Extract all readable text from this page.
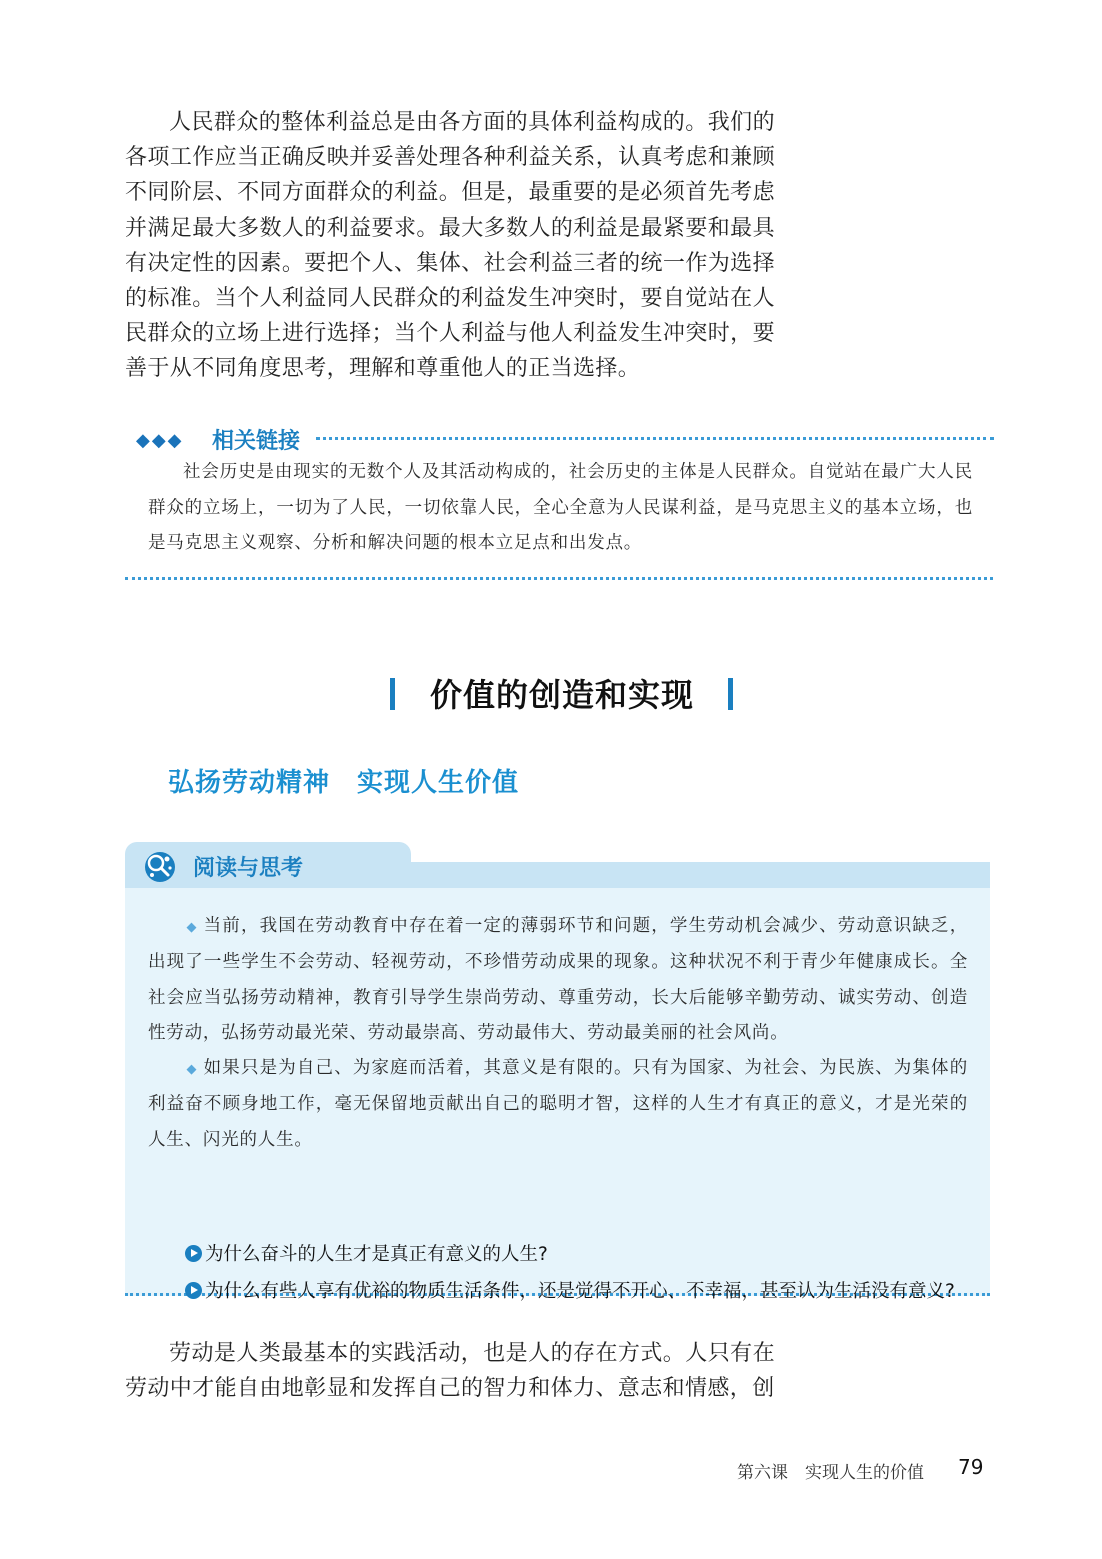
人民群众的整体利益总是由各方面的具体利益构成的。我们的各项工作应当正确反映并妥善处理各种利益关系，认真考虑和兼顾不同阶层、不同方面群众的利益。但是，最重要的是必须首先考虑并满足最大多数人的利益要求。最大多数人的利益是最紧要和最具有决定性的因素。要把个人、集体、社会利益三者的统一作为选择的标准。当个人利益同人民群众的利益发生冲突时，要自觉站在人民群众的立场上进行选择；当个人利益与他人利益发生冲突时，要善于从不同角度思考，理解和尊重他人的正当选择。

◆◆◆ 相关链接

社会历史是由现实的无数个人及其活动构成的，社会历史的主体是人民群众。自觉站在最广大人民群众的立场上，一切为了人民，一切依靠人民，全心全意为人民谋利益，是马克思主义的基本立场，也是马克思主义观察、分析和解决问题的根本立足点和出发点。

价值的创造和实现
弘扬劳动精神　实现人生价值
阅读与思考

◆ 当前，我国在劳动教育中存在着一定的薄弱环节和问题，学生劳动机会减少、劳动意识缺乏，出现了一些学生不会劳动、轻视劳动，不珍惜劳动成果的现象。这种状况不利于青少年健康成长。全社会应当弘扬劳动精神，教育引导学生崇尚劳动、尊重劳动，长大后能够辛勤劳动、诚实劳动、创造性劳动，弘扬劳动最光荣、劳动最崇高、劳动最伟大、劳动最美丽的社会风尚。

◆ 如果只是为自己、为家庭而活着，其意义是有限的。只有为国家、为社会、为民族、为集体的利益奋不顾身地工作，毫无保留地贡献出自己的聪明才智，这样的人生才有真正的意义，才是光荣的人生、闪光的人生。

为什么奋斗的人生才是真正有意义的人生?
为什么有些人享有优裕的物质生活条件，还是觉得不开心、不幸福，甚至认为生活没有意义?

劳动是人类最基本的实践活动，也是人的存在方式。人只有在劳动中才能自由地彰显和发挥自己的智力和体力、意志和情感，创

第六课　实现人生的价值 79
